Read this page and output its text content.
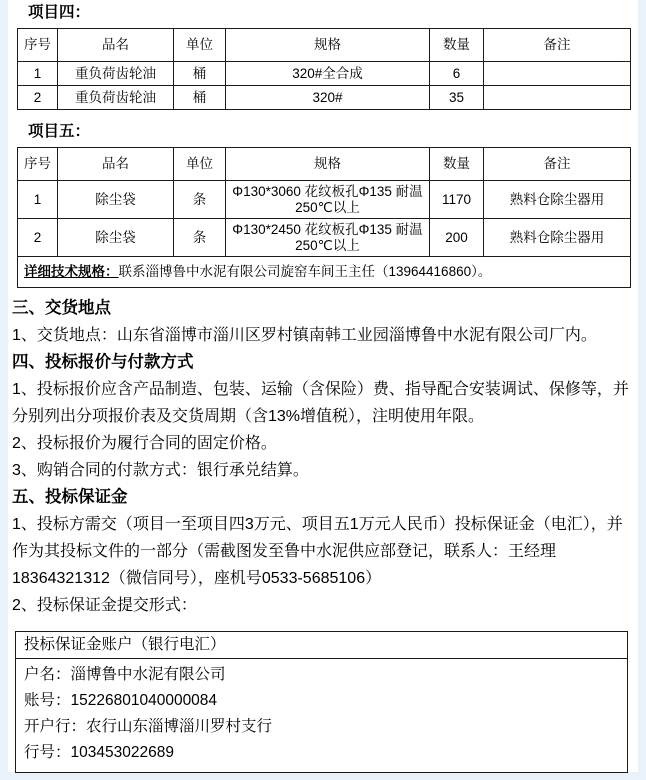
项目四：
序号	品名	单位	规格	数量	备注
1	重负荷齿轮油	桶	320#全合成	6	
2	重负荷齿轮油	桶	320#	35	
项目五：
序号	品名	单位	规格	数量	备注
1	除尘袋	条	Φ130*3060 花纹板孔Φ135 耐温250℃以上	1170	熟料仓除尘器用
2	除尘袋	条	Φ130*2450 花纹板孔Φ135 耐温250℃以上	200	熟料仓除尘器用
详细技术规格：联系淄博鲁中水泥有限公司旋窑车间王主任（13964416860）。					
三、交货地点

1、交货地点：山东省淄博市淄川区罗村镇南韩工业园淄博鲁中水泥有限公司厂内。

四、投标报价与付款方式

1、投标报价应含产品制造、包装、运输（含保险）费、指导配合安装调试、保修等，并分别列出分项报价表及交货周期（含13%增值税），注明使用年限。

2、投标报价为履行合同的固定价格。

3、购销合同的付款方式：银行承兑结算。

五、投标保证金

1、投标方需交（项目一至项目四3万元、项目五1万元人民币）投标保证金（电汇），并作为其投标文件的一部分（需截图发至鲁中水泥供应部登记，联系人：王经理18364321312（微信同号），座机号0533-5685106）

2、投标保证金提交形式：

投标保证金账户（银行电汇）
户名：淄博鲁中水泥有限公司
账号：15226801040000084
开户行：农行山东淄博淄川罗村支行
行号：103453022689
